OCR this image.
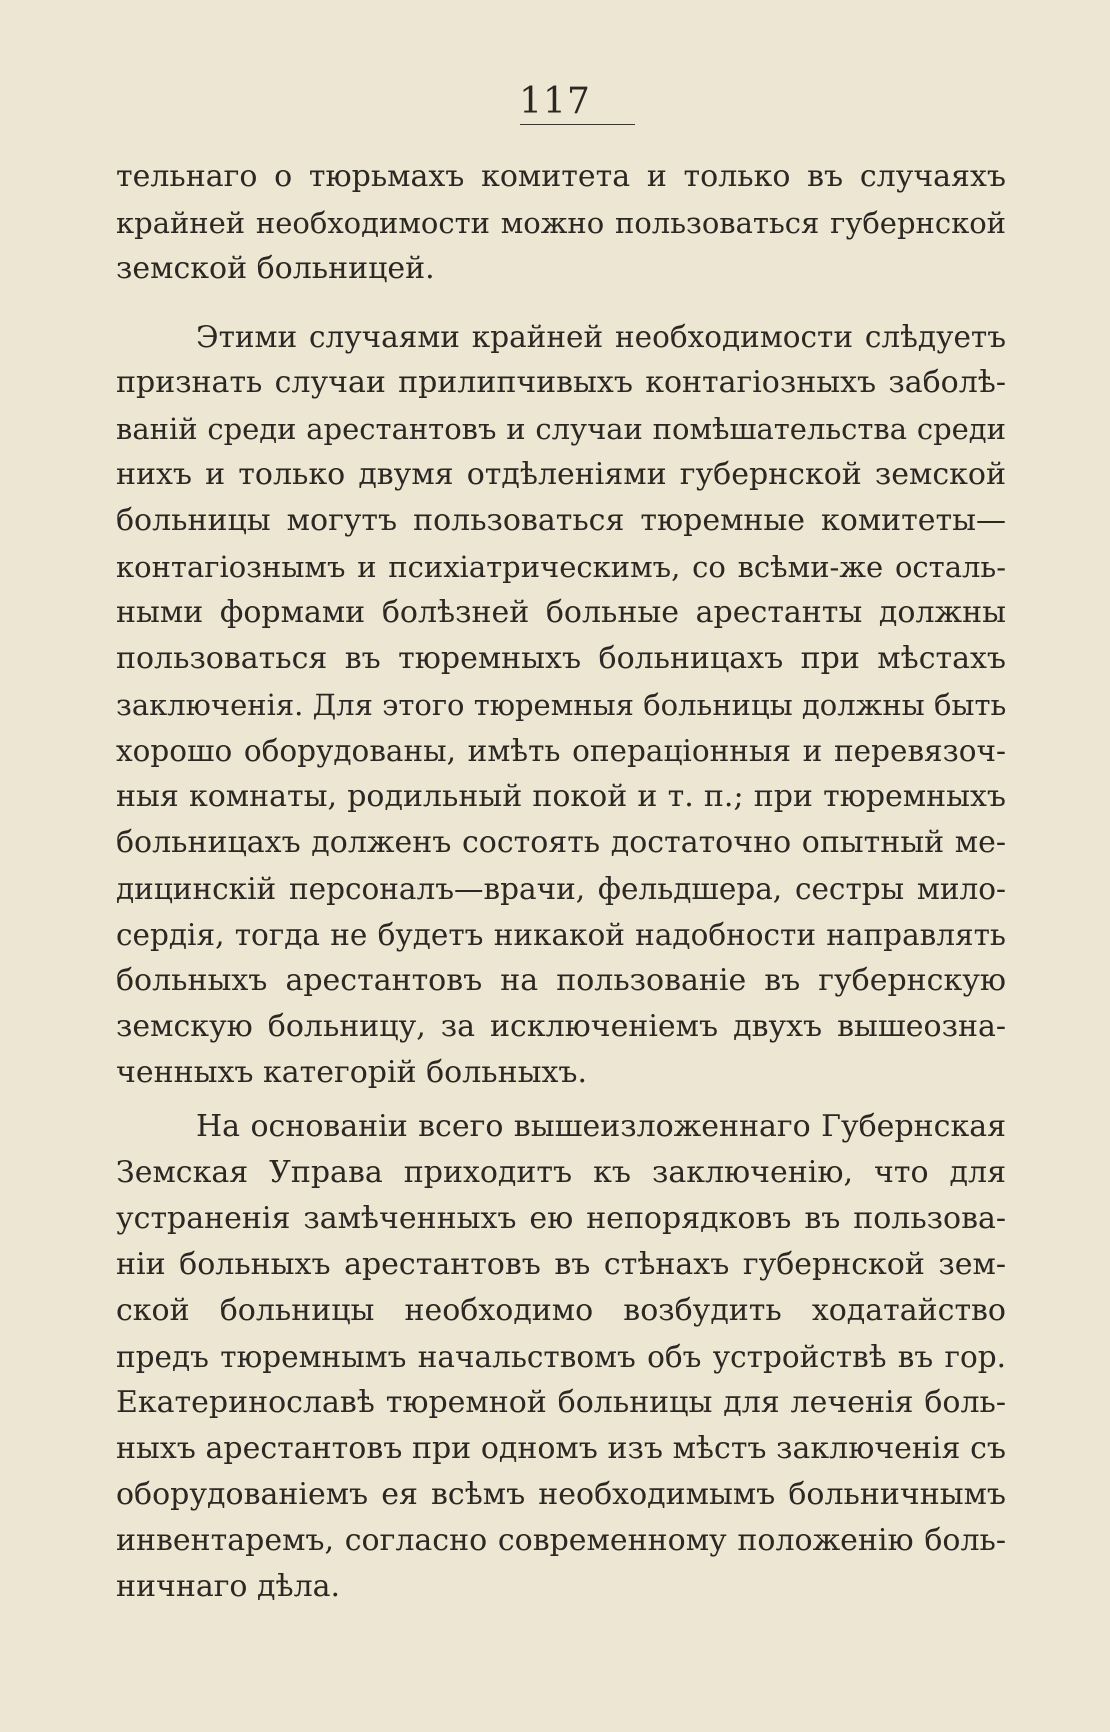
117
тельнаго о тюрьмахъ комитета и только въ случаяхъ
крайней необходимости можно пользоваться губернской
земской больницей.
Этими случаями крайней необходимости слѣдуетъ
признать случаи прилипчивыхъ контагіозныхъ заболѣ-
ваній среди арестантовъ и случаи помѣшательства среди
нихъ и только двумя отдѣленіями губернской земской
больницы могутъ пользоваться тюремные комитеты—
контагіознымъ и психіатрическимъ, со всѣми-же осталь-
ными формами болѣзней больные арестанты должны
пользоваться въ тюремныхъ больницахъ при мѣстахъ
заключенія. Для этого тюремныя больницы должны быть
хорошо оборудованы, имѣть операціонныя и перевязоч-
ныя комнаты, родильный покой и т. п.; при тюремныхъ
больницахъ долженъ состоять достаточно опытный ме-
дицинскій персоналъ—врачи, фельдшера, сестры мило-
сердія, тогда не будетъ никакой надобности направлять
больныхъ арестантовъ на пользованіе въ губернскую
земскую больницу, за исключеніемъ двухъ вышеозна-
ченныхъ категорій больныхъ.
На основаніи всего вышеизложеннаго Губернская
Земская Управа приходитъ къ заключенію, что для
устраненія замѣченныхъ ею непорядковъ въ пользова-
ніи больныхъ арестантовъ въ стѣнахъ губернской зем-
ской больницы необходимо возбудить ходатайство
предъ тюремнымъ начальствомъ объ устройствѣ въ гор.
Екатеринославѣ тюремной больницы для леченія боль-
ныхъ арестантовъ при одномъ изъ мѣстъ заключенія съ
оборудованіемъ ея всѣмъ необходимымъ больничнымъ
инвентаремъ, согласно современному положенію боль-
ничнаго дѣла.
